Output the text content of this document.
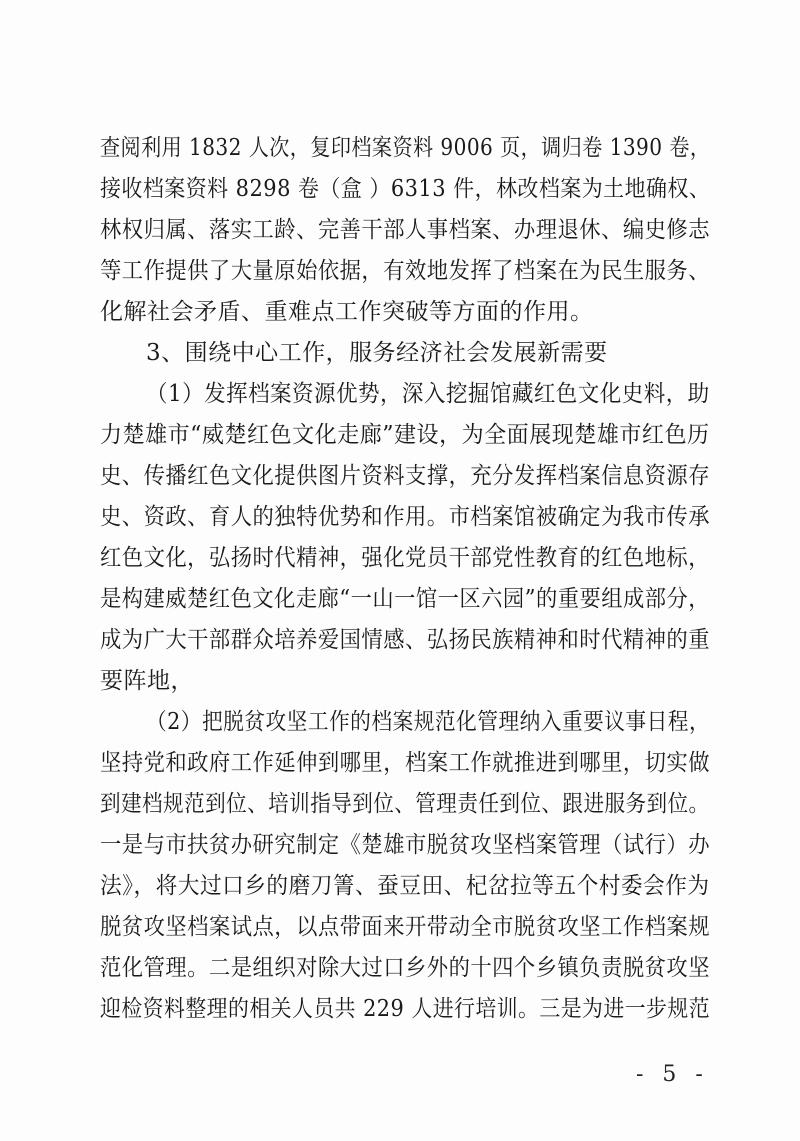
查阅利用 1832 人次，复印档案资料 9006 页，调归卷 1390 卷，
接收档案资料 8298 卷（盒 ）6313 件，林改档案为土地确权、
林权归属、落实工龄、完善干部人事档案、办理退休、编史修志
等工作提供了大量原始依据，有效地发挥了档案在为民生服务、
化解社会矛盾、重难点工作突破等方面的作用。
3、围绕中心工作，服务经济社会发展新需要
（1）发挥档案资源优势，深入挖掘馆藏红色文化史料，助
力楚雄市“威楚红色文化走廊”建设，为全面展现楚雄市红色历
史、传播红色文化提供图片资料支撑，充分发挥档案信息资源存
史、资政、育人的独特优势和作用。市档案馆被确定为我市传承
红色文化，弘扬时代精神，强化党员干部党性教育的红色地标，
是构建威楚红色文化走廊“一山一馆一区六园”的重要组成部分，
成为广大干部群众培养爱国情感、弘扬民族精神和时代精神的重
要阵地，
（2）把脱贫攻坚工作的档案规范化管理纳入重要议事日程，
坚持党和政府工作延伸到哪里，档案工作就推进到哪里，切实做
到建档规范到位、培训指导到位、管理责任到位、跟进服务到位。
一是与市扶贫办研究制定《楚雄市脱贫攻坚档案管理（试行）办
法》，将大过口乡的磨刀箐、蚕豆田、杞岔拉等五个村委会作为
脱贫攻坚档案试点，以点带面来开带动全市脱贫攻坚工作档案规
范化管理。二是组织对除大过口乡外的十四个乡镇负责脱贫攻坚
迎检资料整理的相关人员共 229 人进行培训。三是为进一步规范
- 5 -
